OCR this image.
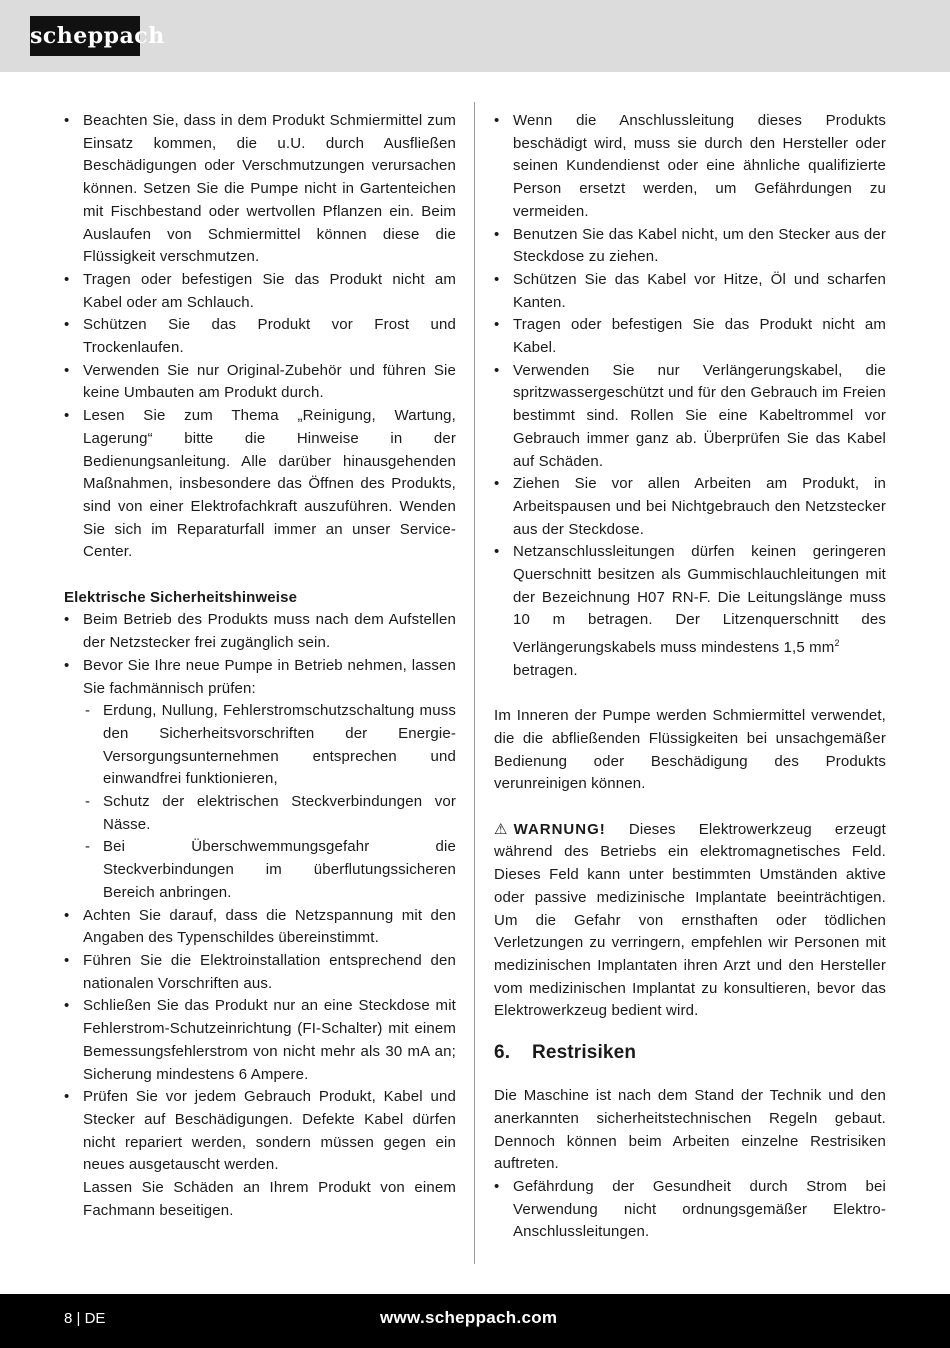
scheppach
• Beachten Sie, dass in dem Produkt Schmiermittel zum Einsatz kommen, die u.U. durch Ausfließen Beschädigungen oder Verschmutzungen verursachen können. Setzen Sie die Pumpe nicht in Gartenteichen mit Fischbestand oder wertvollen Pflanzen ein. Beim Auslaufen von Schmiermittel können diese die Flüssigkeit verschmutzen.
• Tragen oder befestigen Sie das Produkt nicht am Kabel oder am Schlauch.
• Schützen Sie das Produkt vor Frost und Trockenlaufen.
• Verwenden Sie nur Original-Zubehör und führen Sie keine Umbauten am Produkt durch.
• Lesen Sie zum Thema „Reinigung, Wartung, Lagerung“ bitte die Hinweise in der Bedienungsanleitung. Alle darüber hinausgehenden Maßnahmen, insbesondere das Öffnen des Produkts, sind von einer Elektrofachkraft auszuführen. Wenden Sie sich im Reparaturfall immer an unser Service-Center.

Elektrische Sicherheitshinweise

• Beim Betrieb des Produkts muss nach dem Aufstellen der Netzstecker frei zugänglich sein.
• Bevor Sie Ihre neue Pumpe in Betrieb nehmen, lassen Sie fachmännisch prüfen:
- Erdung, Nullung, Fehlerstromschutzschaltung muss den Sicherheitsvorschriften der Energie-Versorgungsunternehmen entsprechen und einwandfrei funktionieren,
- Schutz der elektrischen Steckverbindungen vor Nässe.
- Bei Überschwemmungsgefahr die Steckverbindungen im überflutungssicheren Bereich anbringen.
• Achten Sie darauf, dass die Netzspannung mit den Angaben des Typenschildes übereinstimmt.
• Führen Sie die Elektroinstallation entsprechend den nationalen Vorschriften aus.
• Schließen Sie das Produkt nur an eine Steckdose mit Fehlerstrom-Schutzeinrichtung (FI-Schalter) mit einem Bemessungsfehlerstrom von nicht mehr als 30 mA an; Sicherung mindestens 6 Ampere.
• Prüfen Sie vor jedem Gebrauch Produkt, Kabel und Stecker auf Beschädigungen. Defekte Kabel dürfen nicht repariert werden, sondern müssen gegen ein neues ausgetauscht werden.
Lassen Sie Schäden an Ihrem Produkt von einem Fachmann beseitigen.
• Wenn die Anschlussleitung dieses Produkts beschädigt wird, muss sie durch den Hersteller oder seinen Kundendienst oder eine ähnliche qualifizierte Person ersetzt werden, um Gefährdungen zu vermeiden.
• Benutzen Sie das Kabel nicht, um den Stecker aus der Steckdose zu ziehen.
• Schützen Sie das Kabel vor Hitze, Öl und scharfen Kanten.
• Tragen oder befestigen Sie das Produkt nicht am Kabel.
• Verwenden Sie nur Verlängerungskabel, die spritzwassergeschützt und für den Gebrauch im Freien bestimmt sind. Rollen Sie eine Kabeltrommel vor Gebrauch immer ganz ab. Überprüfen Sie das Kabel auf Schäden.
• Ziehen Sie vor allen Arbeiten am Produkt, in Arbeitspausen und bei Nichtgebrauch den Netzstecker aus der Steckdose.
• Netzanschlussleitungen dürfen keinen geringeren Querschnitt besitzen als Gummischlauchleitungen mit der Bezeichnung H07 RN-F. Die Leitungslänge muss 10 m betragen. Der Litzenquerschnitt des Verlängerungskabels muss mindestens 1,5 $mm^2$
betragen.

Im Inneren der Pumpe werden Schmiermittel verwendet, die die abfließenden Flüssigkeiten bei unsachgemäßer Bedienung oder Beschädigung des Produkts verunreinigen können.

⚠ WARNUNG! Dieses Elektrowerkzeug erzeugt während des Betriebs ein elektromagnetisches Feld. Dieses Feld kann unter bestimmten Umständen aktive oder passive medizinische Implantate beeinträchtigen. Um die Gefahr von ernsthaften oder tödlichen Verletzungen zu verringern, empfehlen wir Personen mit medizinischen Implantaten ihren Arzt und den Hersteller vom medizinischen Implantat zu konsultieren, bevor das Elektrowerkzeug bedient wird.

6. Restrisiken

Die Maschine ist nach dem Stand der Technik und den anerkannten sicherheitstechnischen Regeln gebaut. Dennoch können beim Arbeiten einzelne Restrisiken auftreten.

• Gefährdung der Gesundheit durch Strom bei Verwendung nicht ordnungsgemäßer Elektro-Anschlussleitungen.
8 | DE	www.scheppach.com
